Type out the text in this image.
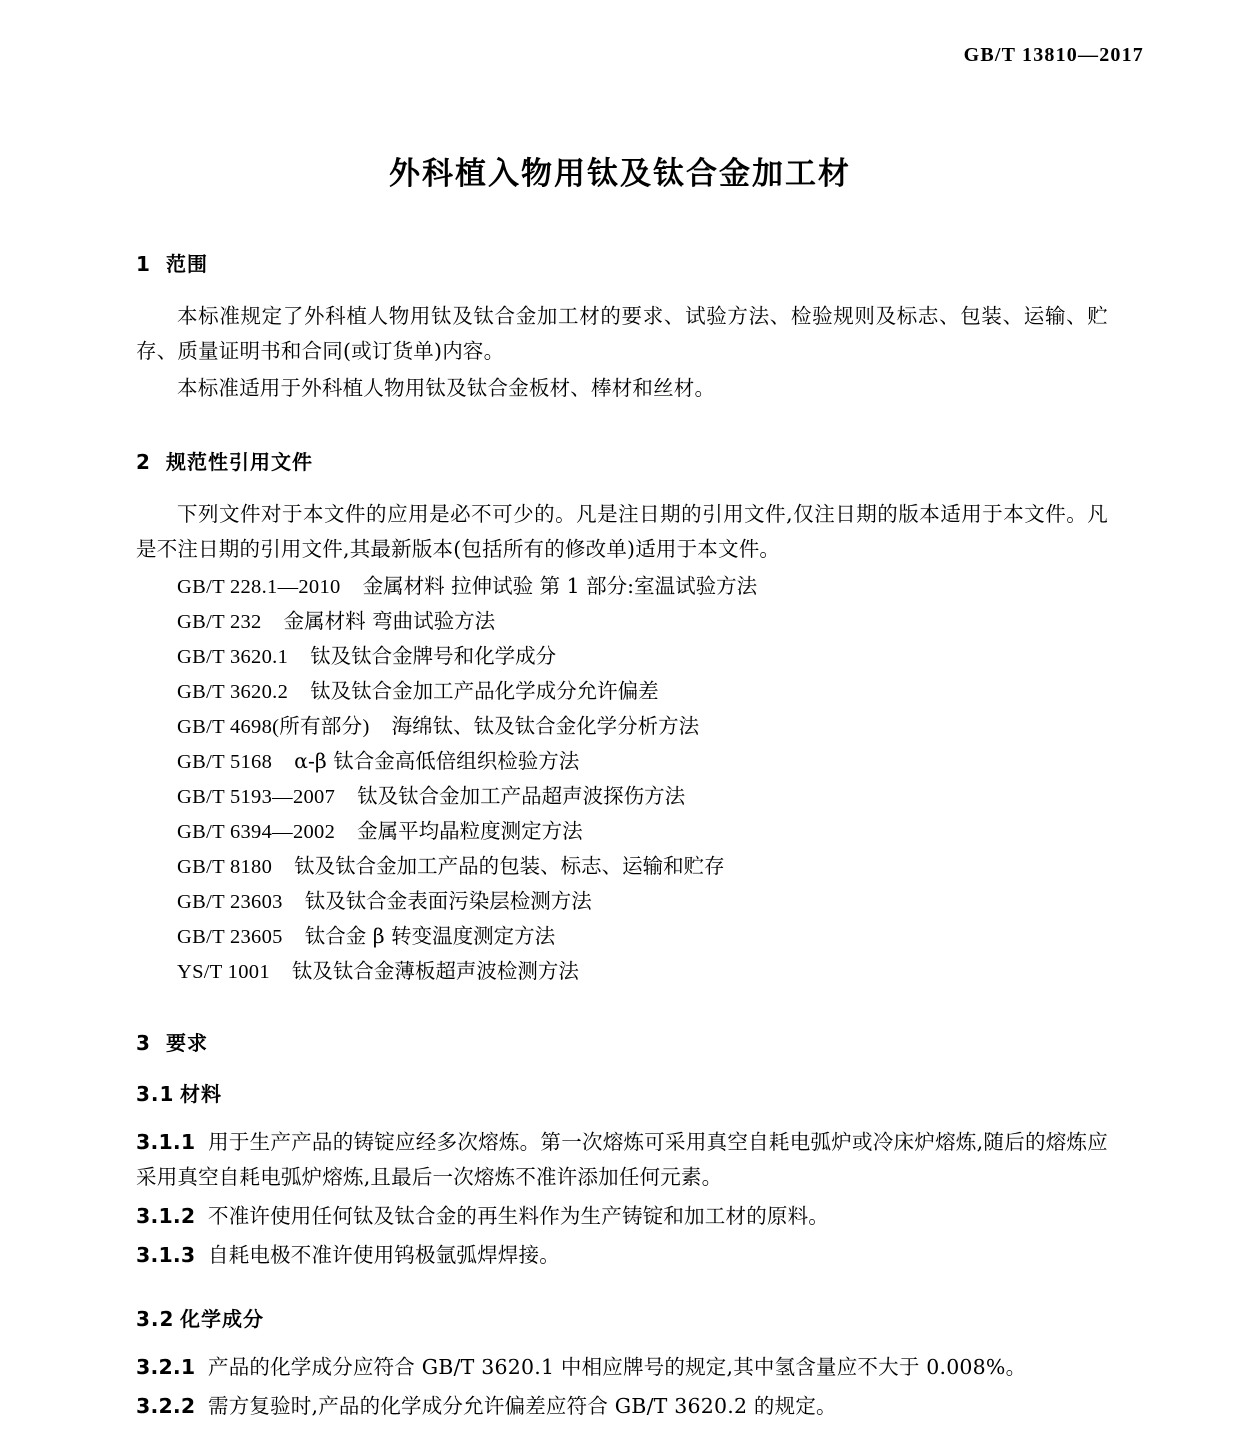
GB/T 13810—2017
外科植入物用钛及钛合金加工材
1 范围

本标准规定了外科植人物用钛及钛合金加工材的要求、试验方法、检验规则及标志、包装、运输、贮存、质量证明书和合同(或订货单)内容。

本标准适用于外科植人物用钛及钛合金板材、棒材和丝材。

2 规范性引用文件

下列文件对于本文件的应用是必不可少的。凡是注日期的引用文件,仅注日期的版本适用于本文件。凡是不注日期的引用文件,其最新版本(包括所有的修改单)适用于本文件。

GB/T 228.1—2010 金属材料 拉伸试验 第 1 部分:室温试验方法
GB/T 232 金属材料 弯曲试验方法
GB/T 3620.1 钛及钛合金牌号和化学成分
GB/T 3620.2 钛及钛合金加工产品化学成分允许偏差
GB/T 4698(所有部分) 海绵钛、钛及钛合金化学分析方法
GB/T 5168 α-β 钛合金高低倍组织检验方法
GB/T 5193—2007 钛及钛合金加工产品超声波探伤方法
GB/T 6394—2002 金属平均晶粒度测定方法
GB/T 8180 钛及钛合金加工产品的包装、标志、运输和贮存
GB/T 23603 钛及钛合金表面污染层检测方法
GB/T 23605 钛合金 β 转变温度测定方法
YS/T 1001 钛及钛合金薄板超声波检测方法
3 要求
3.1 材料

3.1.1 用于生产产品的铸锭应经多次熔炼。第一次熔炼可采用真空自耗电弧炉或冷床炉熔炼,随后的熔炼应采用真空自耗电弧炉熔炼,且最后一次熔炼不准许添加任何元素。

3.1.2 不准许使用任何钛及钛合金的再生料作为生产铸锭和加工材的原料。

3.1.3 自耗电极不准许使用钨极氩弧焊焊接。

3.2 化学成分

3.2.1 产品的化学成分应符合 GB/T 3620.1 中相应牌号的规定,其中氢含量应不大于 0.008%。

3.2.2 需方复验时,产品的化学成分允许偏差应符合 GB/T 3620.2 的规定。
